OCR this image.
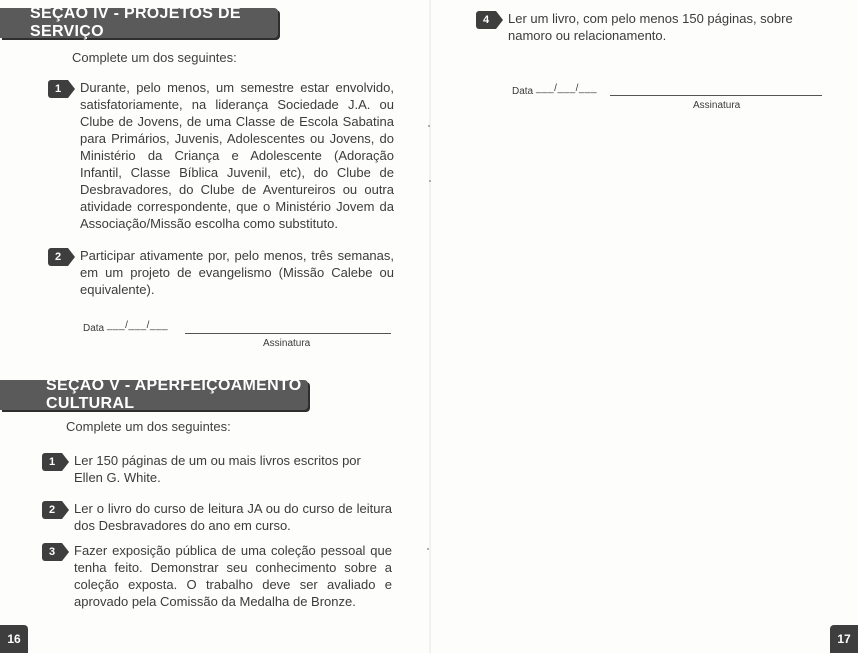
SEÇÃO IV - PROJETOS DE SERVIÇO
Complete um dos seguintes:
1	Durante, pelo menos, um semestre estar envolvido, satisfatoriamente, na liderança Sociedade J.A. ou Clube de Jovens, de uma Classe de Escola Sabatina para Primários, Juvenis, Adolescentes ou Jovens, do Ministério da Criança e Adolescente (Adoração Infantil, Classe Bíblica Juvenil, etc), do Clube de Desbravadores, do Clube de Aventureiros ou outra atividade correspondente, que o Ministério Jovem da Associação/Missão escolha como substituto.
2	Participar ativamente por, pelo menos, três semanas, em um projeto de evangelismo (Missão Calebe ou equivalente).
Data ___/___/___
Assinatura
SEÇÃO V - APERFEIÇOAMENTO CULTURAL
Complete um dos seguintes:
1	Ler 150 páginas de um ou mais livros escritos por Ellen G. White.
2	Ler o livro do curso de leitura JA ou do curso de leitura dos Desbravadores do ano em curso.
3	Fazer exposição pública de uma coleção pessoal que tenha feito. Demonstrar seu conhecimento sobre a coleção exposta. O trabalho deve ser avaliado e aprovado pela Comissão da Medalha de Bronze.
16
4	Ler um livro, com pelo menos 150 páginas, sobre namoro ou relacionamento.
Data ___/___/___
Assinatura
17
